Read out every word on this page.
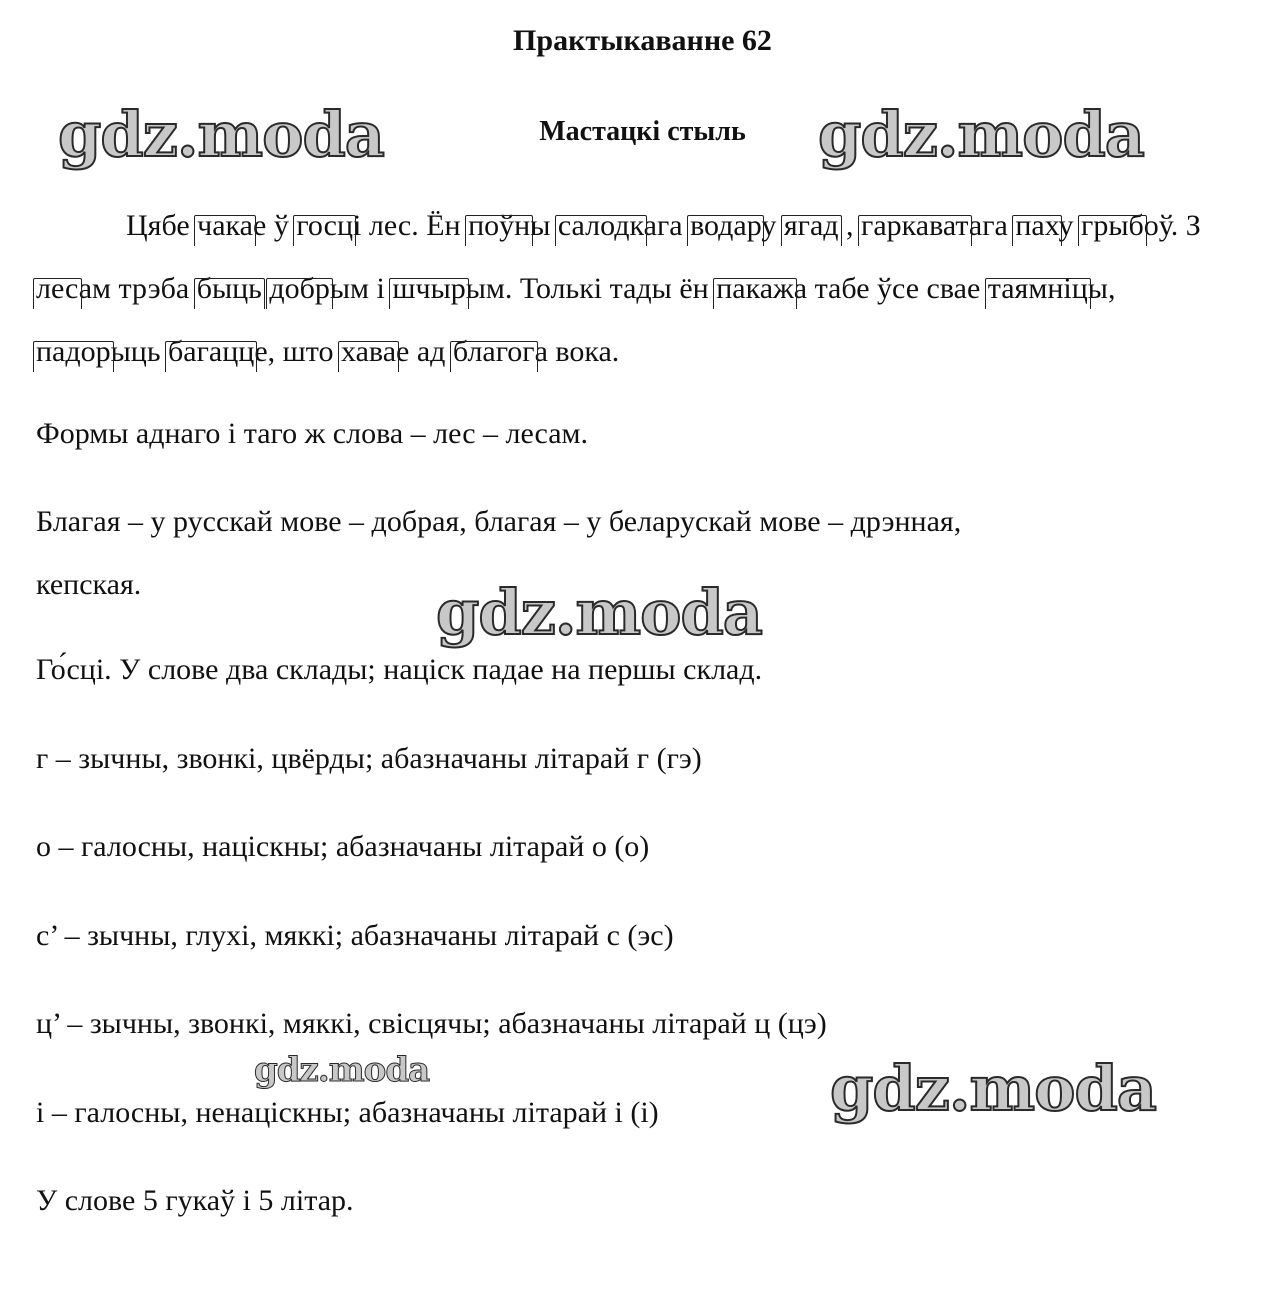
Практыкаванне 62
Мастацкі стыль

Цябе чакае ў госці лес. Ён поўны салодкага водару ягад , гаркаватага паху грыбоў. З лесам трэба быць добрым і шчырым. Толькі тады ён пакажа табе ўсе свае таямніцы, падорыць багацце, што хавае ад благога вока.

Формы аднаго і таго ж слова – лес – лесам.

Благая – у русскай мове – добрая, благая – у беларускай мове – дрэнная,

кепская.

Го́сці. У слове два склады; націск падае на першы склад.

г – зычны, звонкі, цвёрды; абазначаны літарай г (гэ)

о – галосны, націскны; абазначаны літарай о (о)

с’ – зычны, глухі, мяккі; абазначаны літарай с (эс)

ц’ – зычны, звонкі, мяккі, свісцячы; абазначаны літарай ц (цэ)

і – галосны, ненаціскны; абазначаны літарай і (і)

У слове 5 гукаў і 5 літар.

gdz.moda	gdz.moda
gdz.moda
gdz.moda	gdz.moda
